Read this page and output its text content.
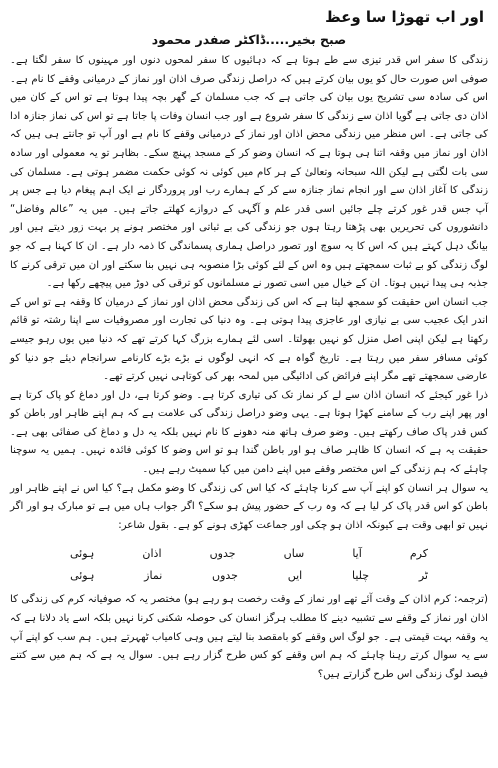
اور اب تھوڑا سا وعظ
صبح بخیر.....ڈاکٹر صفدر محمود

زندگی کا سفر اس قدر تیزی سے طے ہوتا ہے کہ دہائیوں کا سفر لمحوں دنوں اور مہینوں کا سفر لگتا ہے۔ صوفی اس صورت حال کو یوں بیان کرتے ہیں کہ دراصل زندگی صرف اذان اور نماز کے درمیانی وقفے کا نام ہے۔ اس کی سادہ سی تشریح یوں بیان کی جاتی ہے کہ جب مسلمان کے گھر بچہ پیدا ہوتا ہے تو اس کے کان میں اذان دی جاتی ہے گویا اذان سے زندگی کا سفر شروع ہے اور جب انسان وفات پا جاتا ہے تو اس کی نماز جنازہ ادا کی جاتی ہے۔ اس منظر میں زندگی محض اذان اور نماز کے درمیانی وقفے کا نام ہے اور آپ تو جانتے ہی ہیں کہ اذان اور نماز میں وقفہ اتنا ہی ہوتا ہے کہ انسان وضو کر کے مسجد پہنچ سکے۔ بظاہر تو یہ معمولی اور سادہ سی بات لگتی ہے لیکن اللہ سبحانہ وتعالیٰ کے ہر کام میں کوئی نہ کوئی حکمت مضمر ہوتی ہے۔ مسلمان کی زندگی کا آغاز اذان سے اور انجام نماز جنازہ سے کر کے ہمارے رب اور پروردگار نے ایک اہم پیغام دیا ہے جس پر آپ جس قدر غور کرتے چلے جائیں اسی قدر علم و آگہی کے دروازے کھلتے جاتے ہیں۔ میں یہ ”عالم وفاضل“ دانشوروں کی تحریریں بھی پڑھتا رہتا ہوں جو زندگی کی بے ثباتی اور مختصر ہونے پر بہت زور دیتے ہیں اور بیانگ دہل کہتے ہیں کہ اس کا یہ سوچ اور تصور دراصل ہماری پسماندگی کا ذمہ دار ہے۔ ان کا کہنا ہے کہ جو لوگ زندگی کو بے ثبات سمجھتے ہیں وہ اس کے لئے کوئی بڑا منصوبہ ہی نہیں بنا سکتے اور ان میں ترقی کرنے کا جذبہ ہی پیدا نہیں ہوتا۔ ان کے خیال میں اسی تصور نے مسلمانوں کو ترقی کی دوڑ میں پیچھے رکھا ہے۔

جب انسان اس حقیقت کو سمجھ لیتا ہے کہ اس کی زندگی محض اذان اور نماز کے درمیان کا وقفہ ہے تو اس کے اندر ایک عجیب سی بے نیازی اور عاجزی پیدا ہوتی ہے۔ وہ دنیا کی تجارت اور مصروفیات سے اپنا رشتہ تو قائم رکھتا ہے لیکن اپنی اصل منزل کو نہیں بھولتا۔ اسی لئے ہمارے بزرگ کہا کرتے تھے کہ دنیا میں یوں رہو جیسے کوئی مسافر سفر میں رہتا ہے۔ تاریخ گواہ ہے کہ انہی لوگوں نے بڑے بڑے کارنامے سرانجام دیئے جو دنیا کو عارضی سمجھتے تھے مگر اپنے فرائض کی ادائیگی میں لمحہ بھر کی کوتاہی نہیں کرتے تھے۔

ذرا غور کیجئے کہ انسان اذان سے لے کر نماز تک کی تیاری کرتا ہے۔ وضو کرتا ہے، دل اور دماغ کو پاک کرتا ہے اور پھر اپنے رب کے سامنے کھڑا ہوتا ہے۔ یہی وضو دراصل زندگی کی علامت ہے کہ ہم اپنے ظاہر اور باطن کو کس قدر پاک صاف رکھتے ہیں۔ وضو صرف ہاتھ منہ دھونے کا نام نہیں بلکہ یہ دل و دماغ کی صفائی بھی ہے۔ حقیقت یہ ہے کہ انسان کا ظاہر صاف ہو اور باطن گندا ہو تو اس وضو کا کوئی فائدہ نہیں۔ ہمیں یہ سوچنا چاہئے کہ ہم زندگی کے اس مختصر وقفے میں اپنے دامن میں کیا سمیٹ رہے ہیں۔

یہ سوال ہر انسان کو اپنے آپ سے کرنا چاہئے کہ کیا اس کی زندگی کا وضو مکمل ہے؟ کیا اس نے اپنے ظاہر اور باطن کو اس قدر پاک کر لیا ہے کہ وہ رب کے حضور پیش ہو سکے؟ اگر جواب ہاں میں ہے تو مبارک ہو اور اگر نہیں تو ابھی وقت ہے کیونکہ اذان ہو چکی اور جماعت کھڑی ہونے کو ہے۔ بقول شاعر:

کرم
آیا
ساں
جدوں
اذان
ہوئی
ٹر
چلیا
ایں
جدوں
نماز
ہوئی

(ترجمہ: کرم اذان کے وقت آئے تھے اور نماز کے وقت رخصت ہو رہے ہو) مختصر یہ کہ صوفیانہ کرم کی زندگی کا اذان اور نماز کے وقفے سے تشبیہ دینے کا مطلب ہرگز انسان کی حوصلہ شکنی کرنا نہیں بلکہ اسے یاد دلانا ہے کہ یہ وقفہ بہت قیمتی ہے۔ جو لوگ اس وقفے کو بامقصد بنا لیتے ہیں وہی کامیاب ٹھہرتے ہیں۔ ہم سب کو اپنے آپ سے یہ سوال کرتے رہنا چاہئے کہ ہم اس وقفے کو کس طرح گزار رہے ہیں۔ سوال یہ ہے کہ ہم میں سے کتنے فیصد لوگ زندگی اس طرح گزارتے ہیں؟
